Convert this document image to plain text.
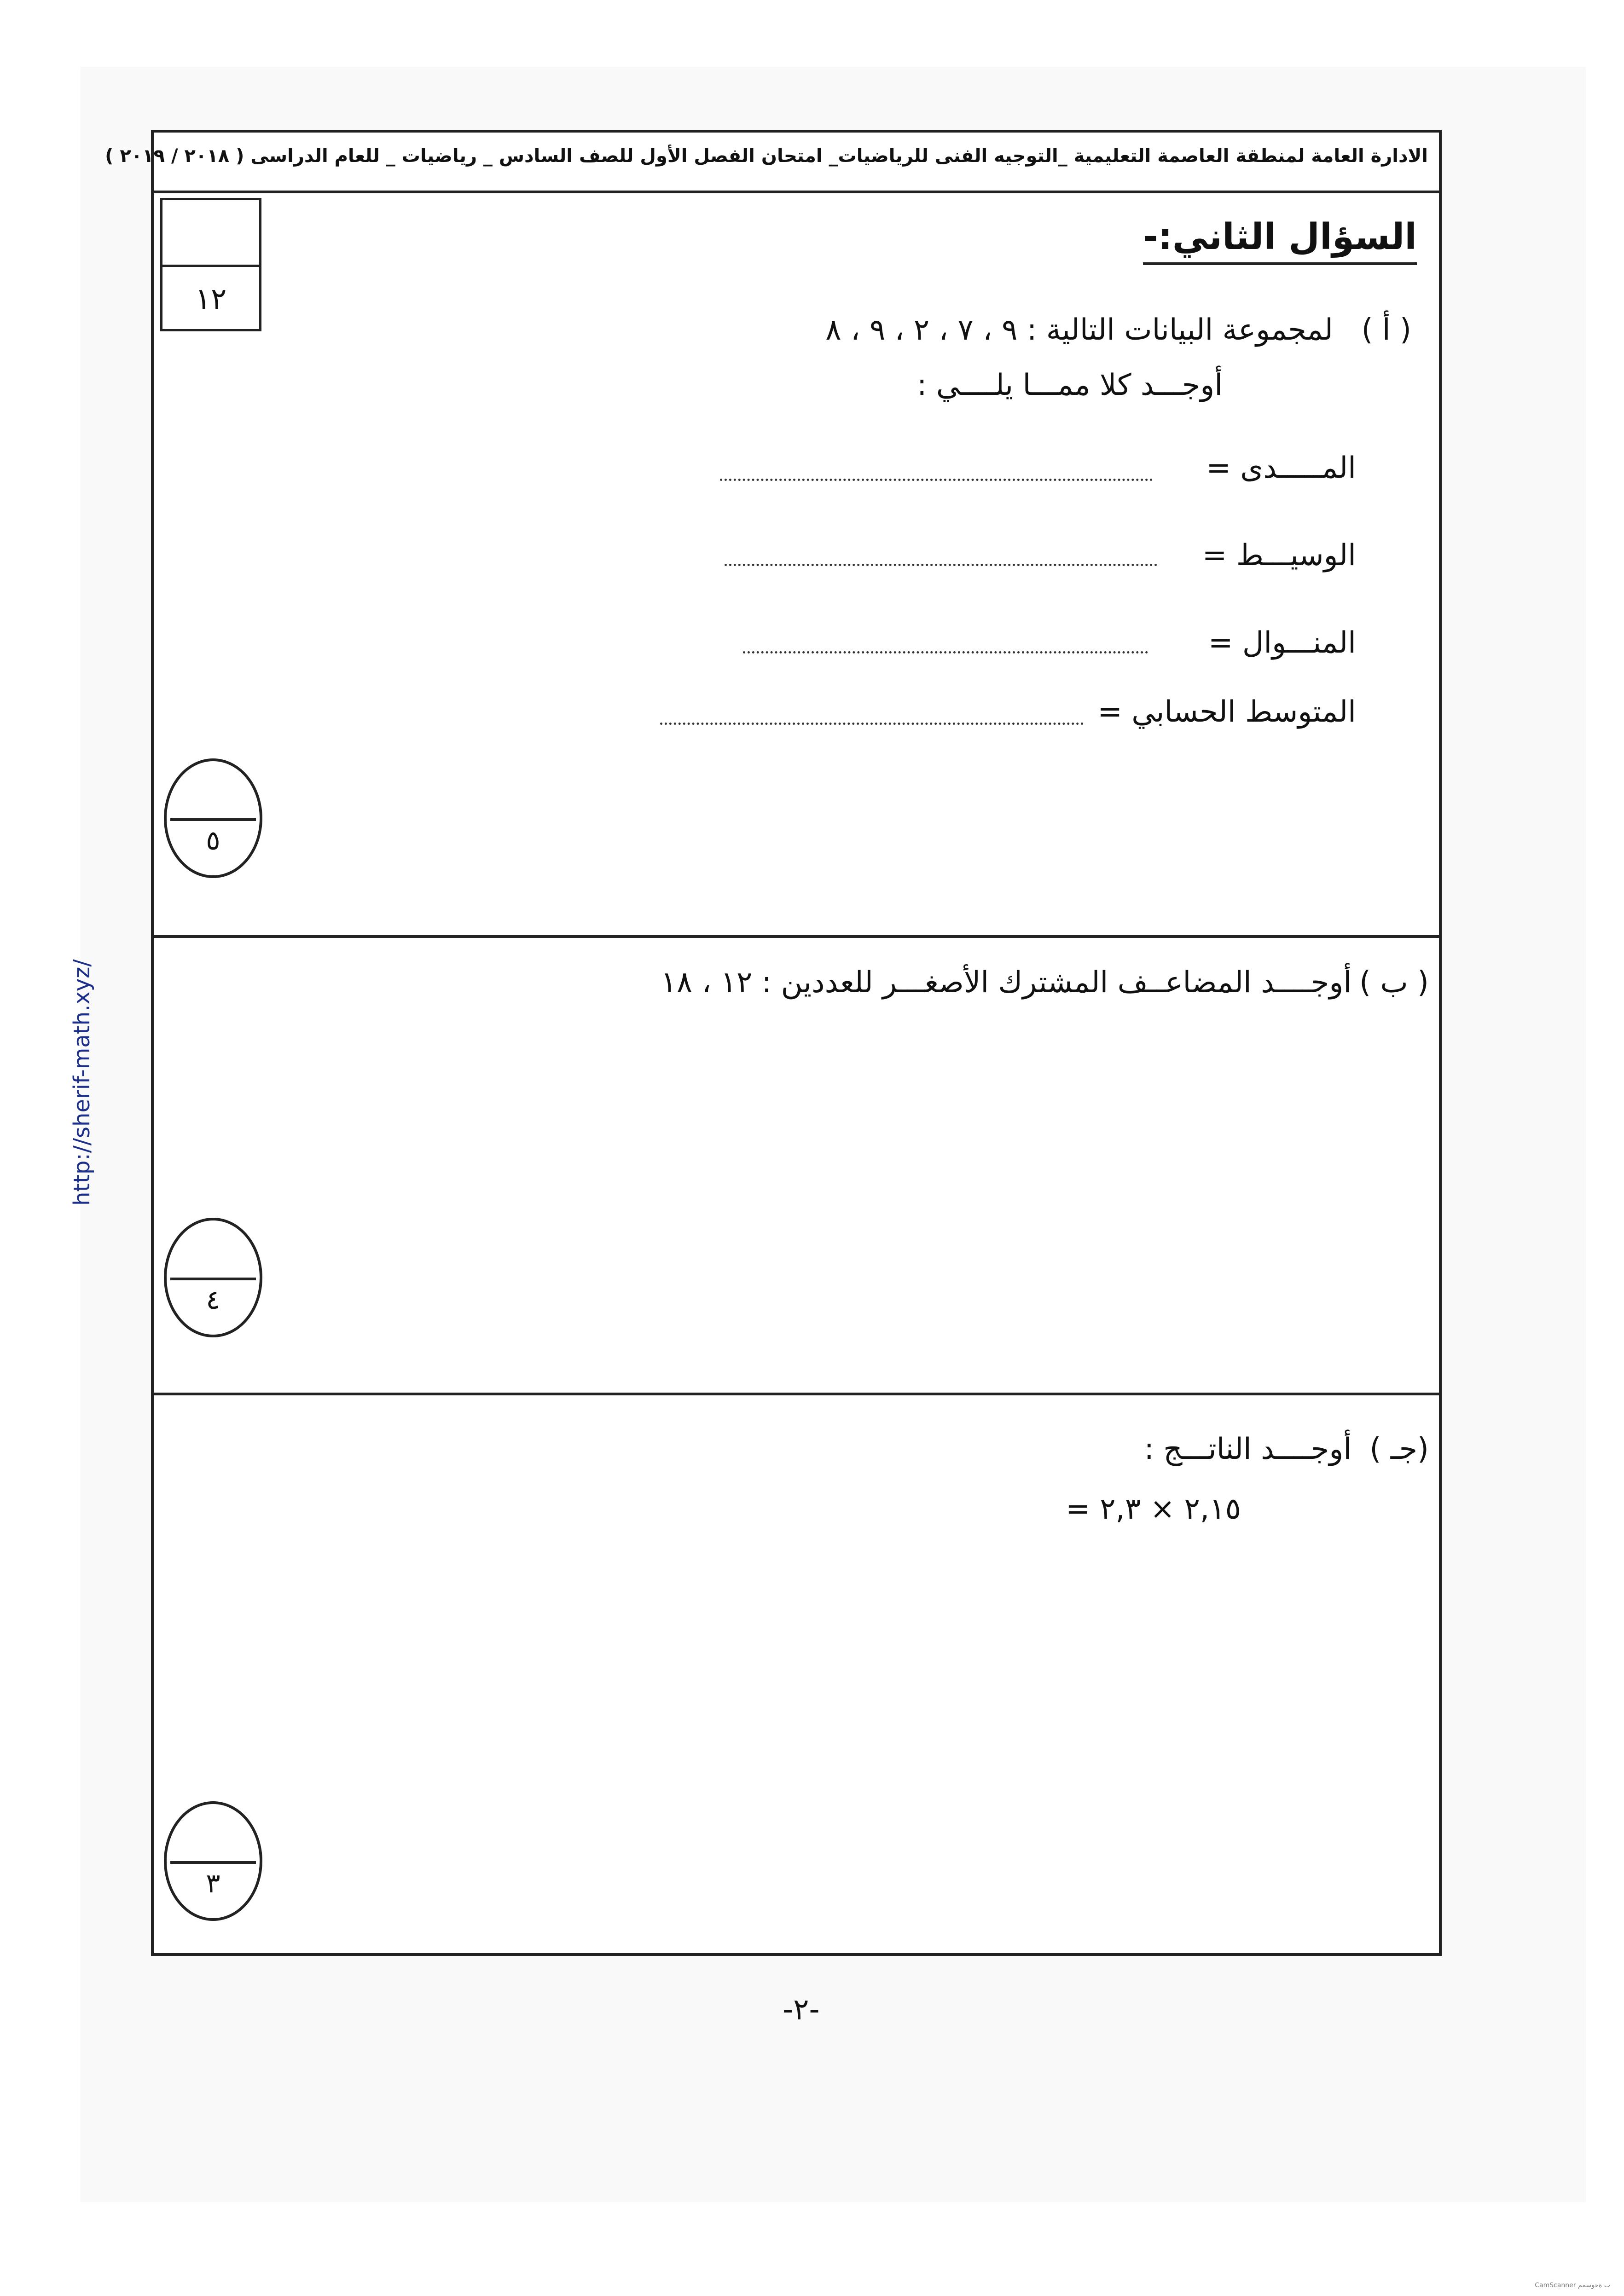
http://sherif-math.xyz/
الادارة العامة لمنطقة العاصمة التعليمية _التوجيه الفنى للرياضيات_ امتحان الفصل الأول للصف السادس _ رياضيات _ للعام الدراسى ( ٢٠١٨ / ٢٠١٩ )
١٢
السؤال الثاني:-
( أ )
لمجموعة البيانات التالية : ٩ ، ٧ ، ٢ ، ٩ ، ٨
أوجـــد كلا ممـــا يلــــي :
المـــــدى =
الوسيـــط =
المنـــوال =
المتوسط الحسابي =
٥
( ب )
أوجــــد المضاعــف المشترك الأصغـــر للعددين : ١٢ ، ١٨
٤
(جـ )
أوجــــد الناتـــج :
٢,١٥ × ٢,٣ =
٣
-٢-
CamScanner ب ةحوسمم
